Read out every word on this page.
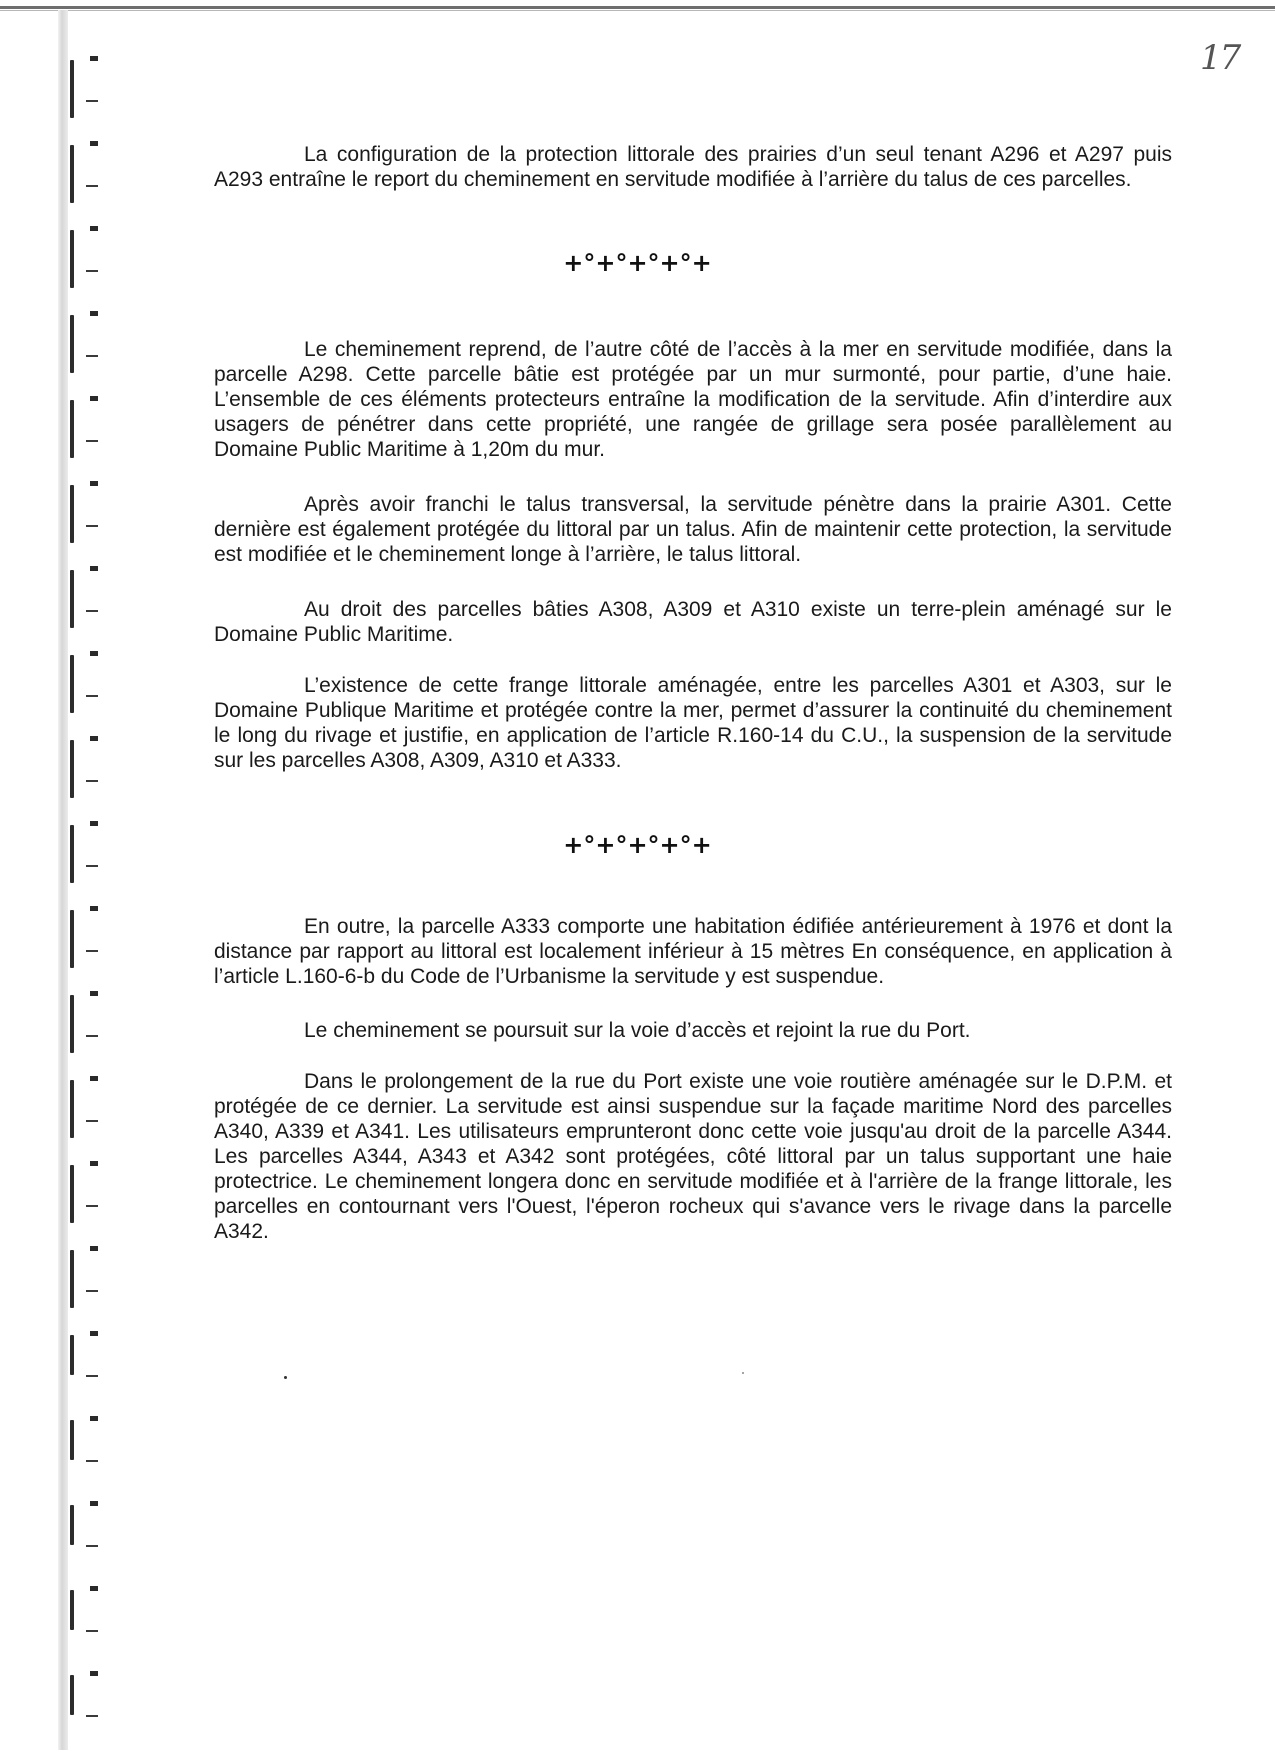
17

La configuration de la protection littorale des prairies d’un seul tenant A296 et A297 puis A293 entraîne le report du cheminement en servitude modifiée à l’arrière du talus de ces parcelles.

+°+°+°+°+

Le cheminement reprend, de l’autre côté de l’accès à la mer en servitude modifiée, dans la parcelle A298. Cette parcelle bâtie est protégée par un mur surmonté, pour partie, d’une haie. L’ensemble de ces éléments protecteurs entraîne la modification de la servitude. Afin d’interdire aux usagers de pénétrer dans cette propriété, une rangée de grillage sera posée parallèlement au Domaine Public Maritime à 1,20m du mur.

Après avoir franchi le talus transversal, la servitude pénètre dans la prairie A301. Cette dernière est également protégée du littoral par un talus. Afin de maintenir cette protection, la servitude est modifiée et le cheminement longe à l’arrière, le talus littoral.

Au droit des parcelles bâties A308, A309 et A310 existe un terre-plein aménagé sur le Domaine Public Maritime.

L’existence de cette frange littorale aménagée, entre les parcelles A301 et A303, sur le Domaine Publique Maritime et protégée contre la mer, permet d’assurer la continuité du cheminement le long du rivage et justifie, en application de l’article R.160-14 du C.U., la suspension de la servitude sur les parcelles A308, A309, A310 et A333.

+°+°+°+°+

En outre, la parcelle A333 comporte une habitation édifiée antérieurement à 1976 et dont la distance par rapport au littoral est localement inférieur à 15 mètres En conséquence, en application à l’article L.160-6-b du Code de l’Urbanisme la servitude y est suspendue.

Le cheminement se poursuit sur la voie d’accès et rejoint la rue du Port.

Dans le prolongement de la rue du Port existe une voie routière aménagée sur le D.P.M. et protégée de ce dernier. La servitude est ainsi suspendue sur la façade maritime Nord des parcelles A340, A339 et A341. Les utilisateurs emprunteront donc cette voie jusqu'au droit de la parcelle A344. Les parcelles A344, A343 et A342 sont protégées, côté littoral par un talus supportant une haie protectrice. Le cheminement longera donc en servitude modifiée et à l'arrière de la frange littorale, les parcelles en contournant vers l'Ouest, l'éperon rocheux qui s'avance vers le rivage dans la parcelle A342.
